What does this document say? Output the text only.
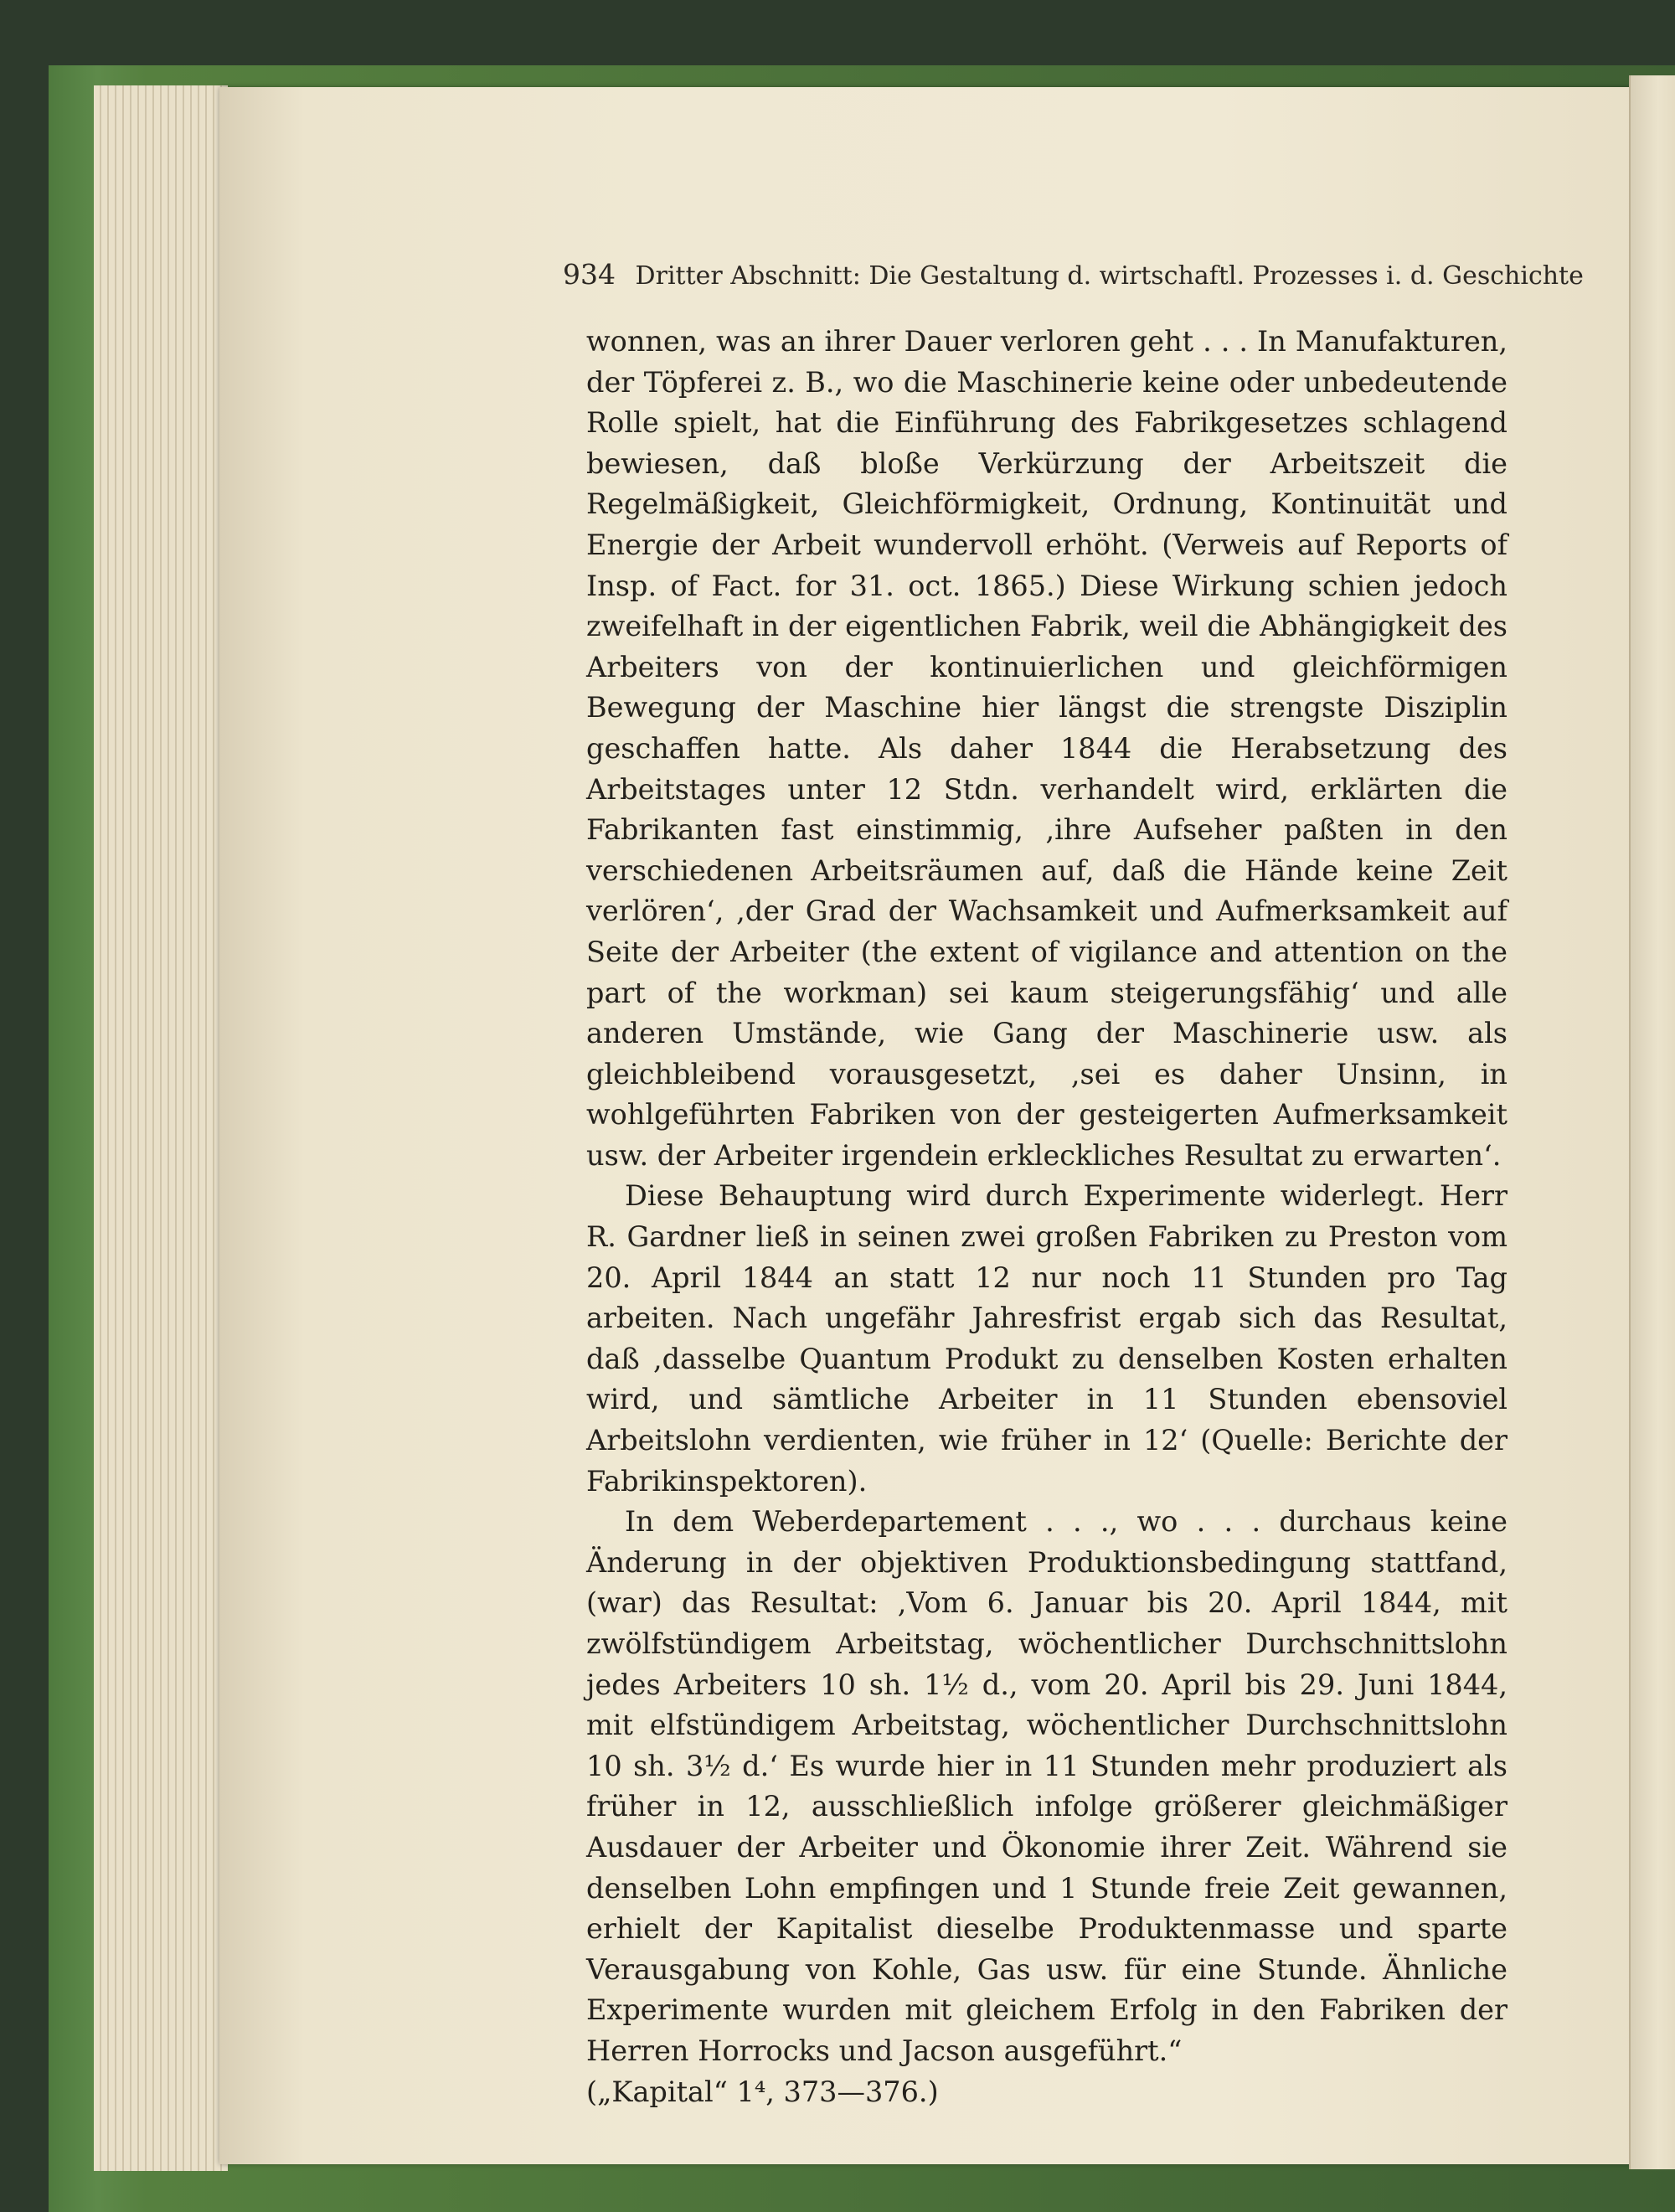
934 Dritter Abschnitt: Die Gestaltung d. wirtschaftl. Prozesses i. d. Geschichte

wonnen, was an ihrer Dauer verloren geht . . . In Manufakturen, der Töpferei z. B., wo die Maschinerie keine oder unbedeutende Rolle spielt, hat die Einführung des Fabrikgesetzes schlagend bewiesen, daß bloße Verkürzung der Arbeitszeit die Regelmäßigkeit, Gleichförmigkeit, Ordnung, Kontinuität und Energie der Arbeit wundervoll erhöht. (Verweis auf Reports of Insp. of Fact. for 31. oct. 1865.) Diese Wirkung schien jedoch zweifelhaft in der eigentlichen Fabrik, weil die Abhängigkeit des Arbeiters von der kontinuierlichen und gleichförmigen Bewegung der Maschine hier längst die strengste Disziplin geschaffen hatte. Als daher 1844 die Herabsetzung des Arbeitstages unter 12 Stdn. verhandelt wird, erklärten die Fabrikanten fast einstimmig, ,ihre Aufseher paßten in den verschiedenen Arbeitsräumen auf, daß die Hände keine Zeit verlören‘, ,der Grad der Wachsamkeit und Aufmerksamkeit auf Seite der Arbeiter (the extent of vigilance and attention on the part of the workman) sei kaum steigerungsfähig‘ und alle anderen Umstände, wie Gang der Maschinerie usw. als gleichbleibend vorausgesetzt, ,sei es daher Unsinn, in wohlgeführten Fabriken von der gesteigerten Aufmerksamkeit usw. der Arbeiter irgendein erkleckliches Resultat zu erwarten‘.

Diese Behauptung wird durch Experimente widerlegt. Herr R. Gardner ließ in seinen zwei großen Fabriken zu Preston vom 20. April 1844 an statt 12 nur noch 11 Stunden pro Tag arbeiten. Nach ungefähr Jahresfrist ergab sich das Resultat, daß ,dasselbe Quantum Produkt zu denselben Kosten erhalten wird, und sämtliche Arbeiter in 11 Stunden ebensoviel Arbeitslohn verdienten, wie früher in 12‘ (Quelle: Berichte der Fabrikinspektoren).

In dem Weberdepartement . . ., wo . . . durchaus keine Änderung in der objektiven Produktionsbedingung stattfand, (war) das Resultat: ,Vom 6. Januar bis 20. April 1844, mit zwölfstündigem Arbeitstag, wöchentlicher Durchschnittslohn jedes Arbeiters 10 sh. 1½ d., vom 20. April bis 29. Juni 1844, mit elfstündigem Arbeitstag, wöchentlicher Durchschnittslohn 10 sh. 3½ d.‘ Es wurde hier in 11 Stunden mehr produziert als früher in 12, ausschließlich infolge größerer gleichmäßiger Ausdauer der Arbeiter und Ökonomie ihrer Zeit. Während sie denselben Lohn empfingen und 1 Stunde freie Zeit gewannen, erhielt der Kapitalist dieselbe Produktenmasse und sparte Verausgabung von Kohle, Gas usw. für eine Stunde. Ähnliche Experimente wurden mit gleichem Erfolg in den Fabriken der Herren Horrocks und Jacson ausgeführt.“

(„Kapital“ 1⁴, 373—376.)
